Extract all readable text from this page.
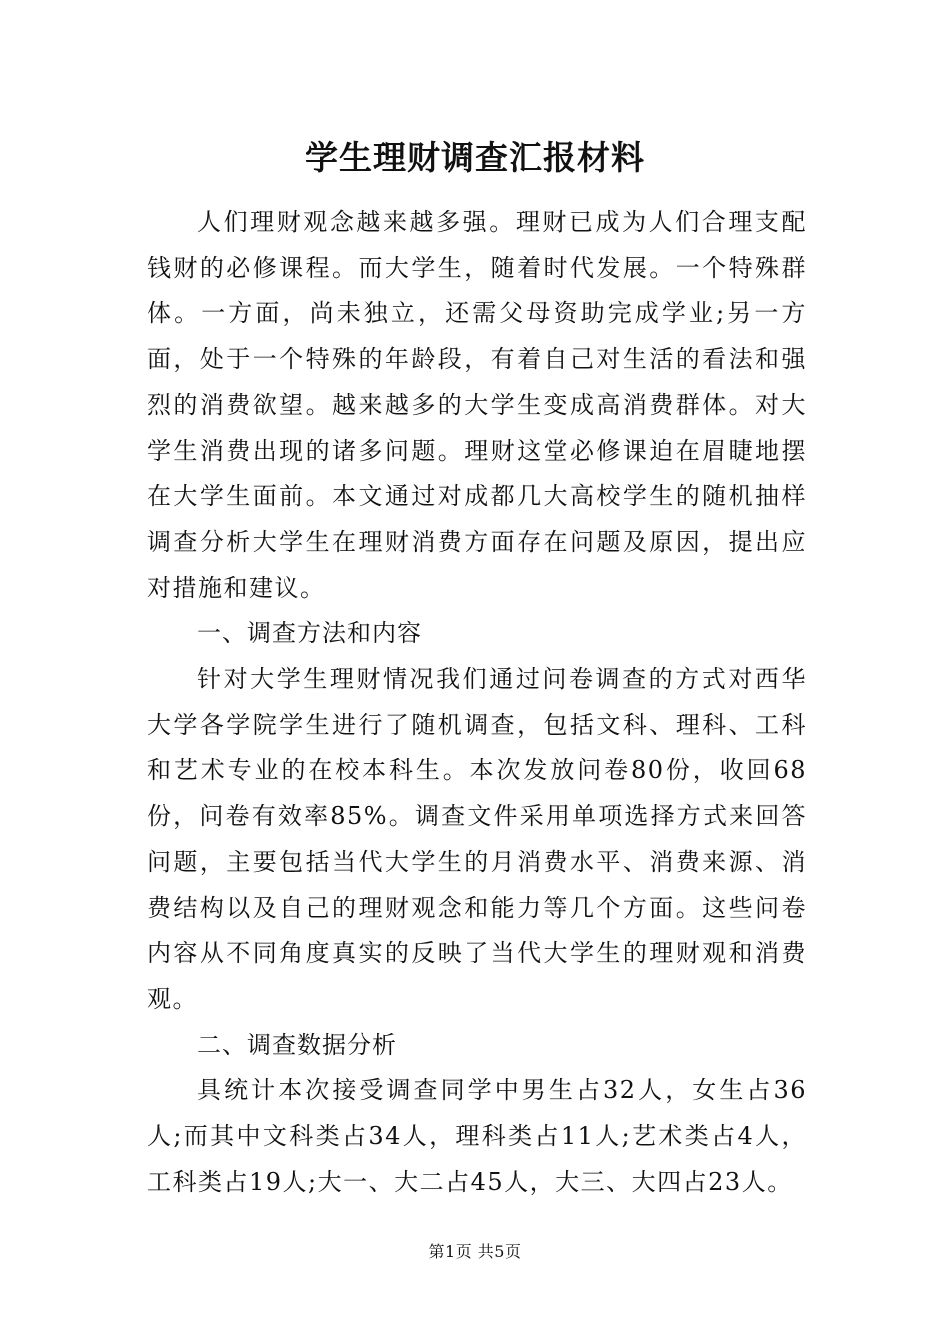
学生理财调查汇报材料

人们理财观念越来越多强。理财已成为人们合理支配钱财的必修课程。而大学生，随着时代发展。一个特殊群体。一方面，尚未独立，还需父母资助完成学业;另一方面，处于一个特殊的年龄段，有着自己对生活的看法和强烈的消费欲望。越来越多的大学生变成高消费群体。对大学生消费出现的诸多问题。理财这堂必修课迫在眉睫地摆在大学生面前。本文通过对成都几大高校学生的随机抽样调查分析大学生在理财消费方面存在问题及原因，提出应对措施和建议。

一、调查方法和内容

针对大学生理财情况我们通过问卷调查的方式对西华大学各学院学生进行了随机调查，包括文科、理科、工科和艺术专业的在校本科生。本次发放问卷80份，收回68份，问卷有效率85%。调查文件采用单项选择方式来回答问题，主要包括当代大学生的月消费水平、消费来源、消费结构以及自己的理财观念和能力等几个方面。这些问卷内容从不同角度真实的反映了当代大学生的理财观和消费观。

二、调查数据分析

具统计本次接受调查同学中男生占32人，女生占36人;而其中文科类占34人，理科类占11人;艺术类占4人，工科类占19人;大一、大二占45人，大三、大四占23人。

第1页 共5页
